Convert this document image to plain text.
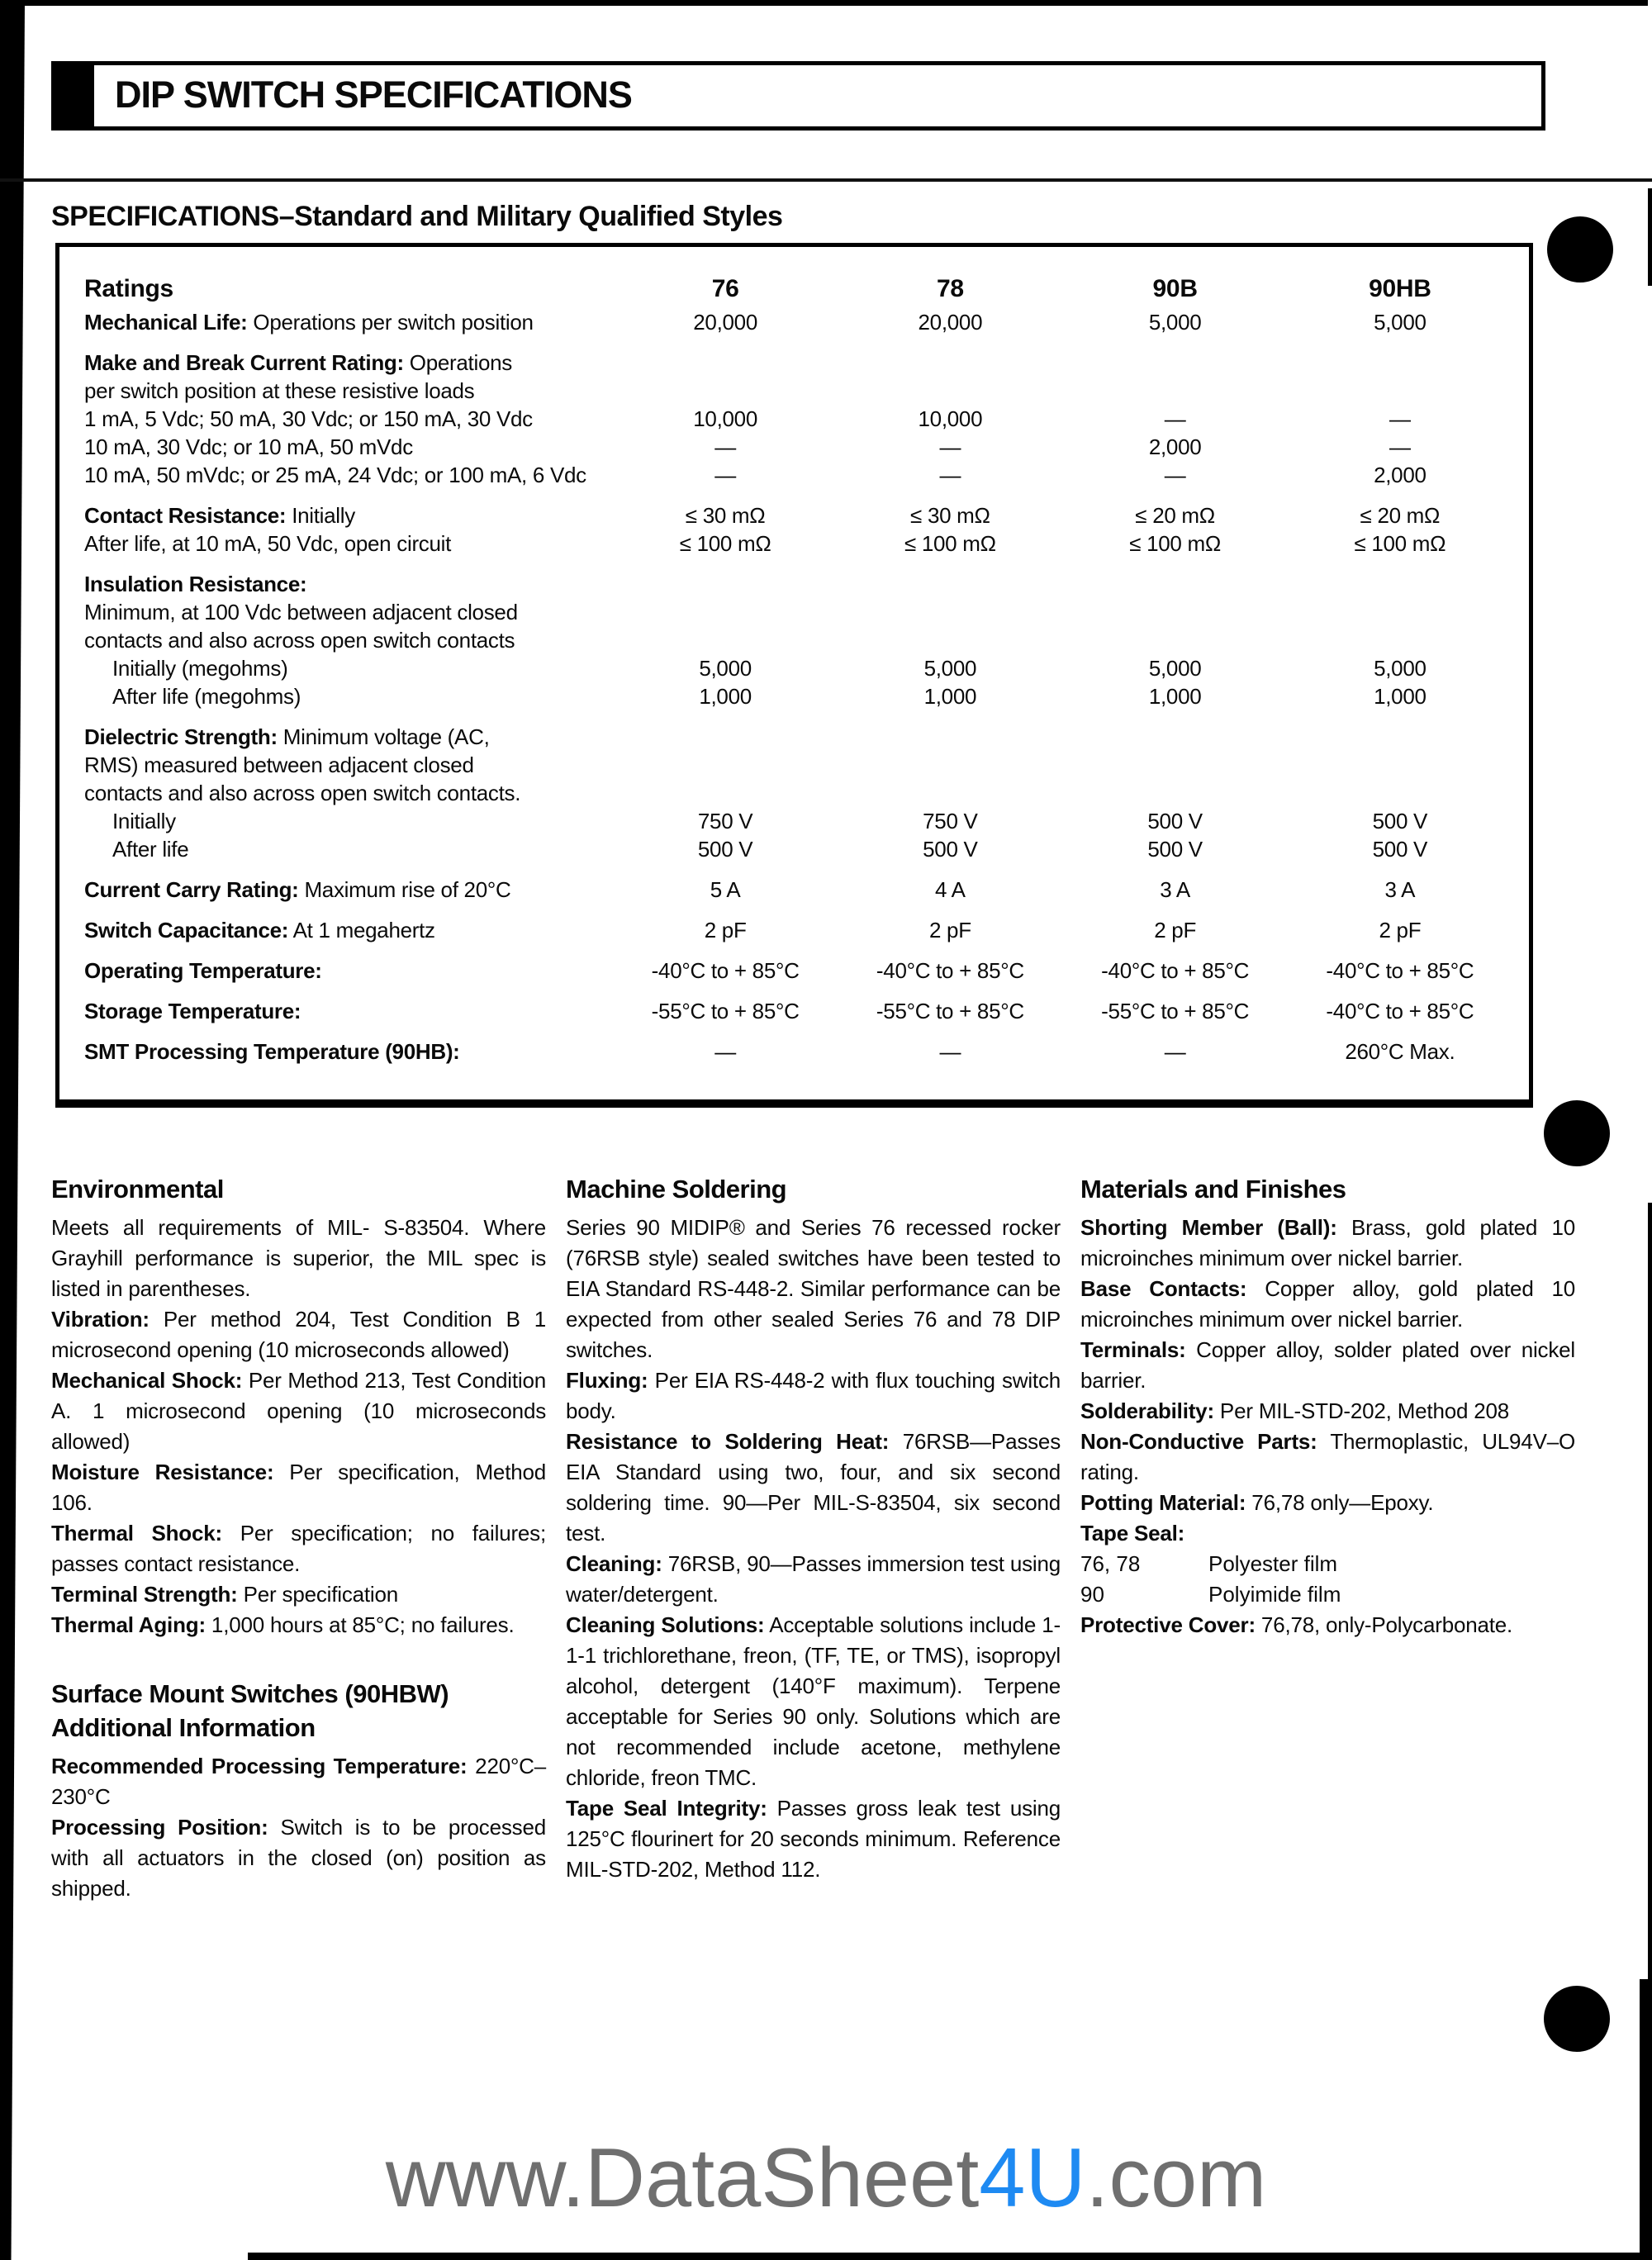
DIP SWITCH SPECIFICATIONS
SPECIFICATIONS–Standard and Military Qualified Styles
Ratings	76	78	90B	90HB
Mechanical Life: Operations per switch position	20,000	20,000	5,000	5,000
Make and Break Current Rating: Operations
per switch position at these resistive loads
1 mA, 5 Vdc; 50 mA, 30 Vdc; or 150 mA, 30 Vdc	10,000	10,000	—	—
10 mA, 30 Vdc; or 10 mA, 50 mVdc	—	—	2,000	—
10 mA, 50 mVdc; or 25 mA, 24 Vdc; or 100 mA, 6 Vdc	—	—	—	2,000
Contact Resistance: Initially	≤ 30 mΩ	≤ 30 mΩ	≤ 20 mΩ	≤ 20 mΩ
After life, at 10 mA, 50 Vdc, open circuit	≤ 100 mΩ	≤ 100 mΩ	≤ 100 mΩ	≤ 100 mΩ
Insulation Resistance:
Minimum, at 100 Vdc between adjacent closed
contacts and also across open switch contacts
Initially (megohms)	5,000	5,000	5,000	5,000
After life (megohms)	1,000	1,000	1,000	1,000
Dielectric Strength: Minimum voltage (AC,
RMS) measured between adjacent closed
contacts and also across open switch contacts.
Initially	750 V	750 V	500 V	500 V
After life	500 V	500 V	500 V	500 V
Current Carry Rating: Maximum rise of 20°C	5 A	4 A	3 A	3 A
Switch Capacitance: At 1 megahertz	2 pF	2 pF	2 pF	2 pF
Operating Temperature:	-40°C to + 85°C	-40°C to + 85°C	-40°C to + 85°C	-40°C to + 85°C
Storage Temperature:	-55°C to + 85°C	-55°C to + 85°C	-55°C to + 85°C	-40°C to + 85°C
SMT Processing Temperature (90HB):	—	—	—	260°C Max.
Environmental

Meets all requirements of MIL- S-83504. Where Grayhill performance is superior, the MIL spec is listed in parentheses.

Vibration: Per method 204, Test Condition B 1 microsecond opening (10 microseconds allowed)

Mechanical Shock: Per Method 213, Test Condition A. 1 microsecond opening (10 microseconds allowed)

Moisture Resistance: Per specification, Method 106.

Thermal Shock: Per specification; no failures; passes contact resistance.

Terminal Strength: Per specification

Thermal Aging: 1,000 hours at 85°C; no failures.

Surface Mount Switches (90HBW)
Additional Information

Recommended Processing Temperature: 220°C–230°C

Processing Position: Switch is to be processed with all actuators in the closed (on) position as shipped.

Machine Soldering

Series 90 MIDIP® and Series 76 recessed rocker (76RSB style) sealed switches have been tested to EIA Standard RS-448-2. Similar performance can be expected from other sealed Series 76 and 78 DIP switches.

Fluxing: Per EIA RS-448-2 with flux touching switch body.

Resistance to Soldering Heat: 76RSB—Passes EIA Standard using two, four, and six second soldering time. 90—Per MIL-S-83504, six second test.

Cleaning: 76RSB, 90—Passes immersion test using water/detergent.

Cleaning Solutions: Acceptable solutions include 1-1-1 trichlorethane, freon, (TF, TE, or TMS), isopropyl alcohol, detergent (140°F maximum). Terpene acceptable for Series 90 only. Solutions which are not recommended include acetone, methylene chloride, freon TMC.

Tape Seal Integrity: Passes gross leak test using 125°C flourinert for 20 seconds minimum. Reference MIL-STD-202, Method 112.

Materials and Finishes

Shorting Member (Ball): Brass, gold plated 10 microinches minimum over nickel barrier.

Base Contacts: Copper alloy, gold plated 10 microinches minimum over nickel barrier.

Terminals: Copper alloy, solder plated over nickel barrier.

Solderability: Per MIL-STD-202, Method 208

Non-Conductive Parts: Thermoplastic, UL94V–O rating.

Potting Material: 76,78 only—Epoxy.

Tape Seal:

76, 78	Polyester film
90	Polyimide film

Protective Cover: 76,78, only-Polycarbonate.

www.DataSheet4U.com
